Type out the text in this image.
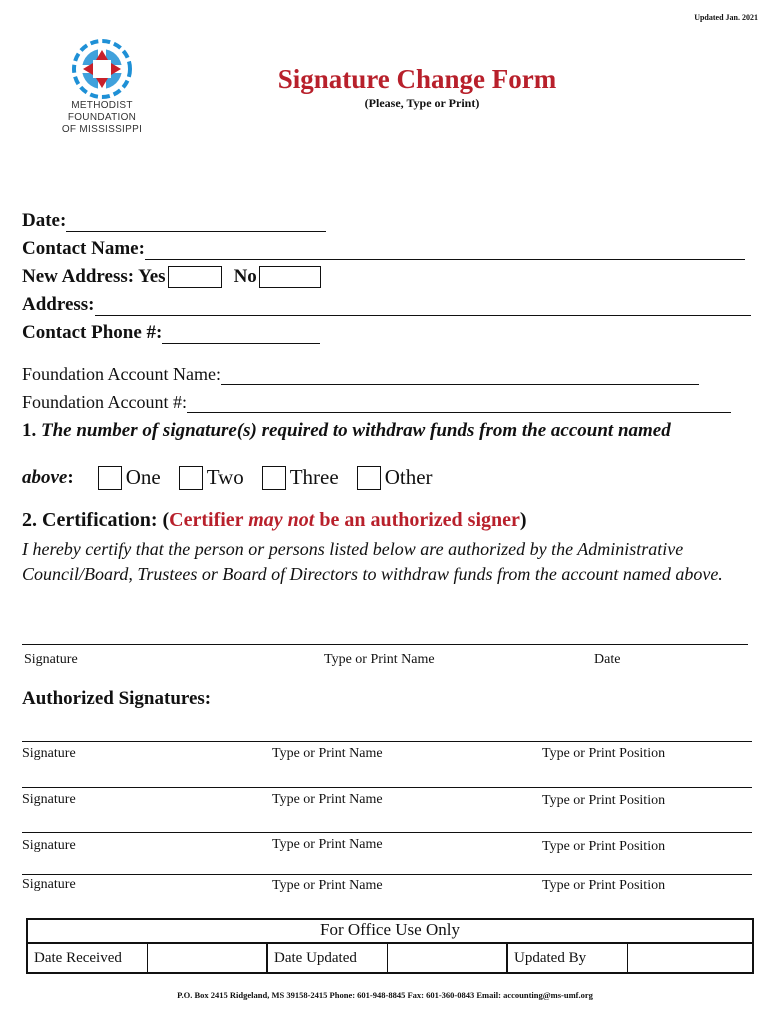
Updated Jan. 2021
METHODIST FOUNDATION
OF MISSISSIPPI
Signature Change Form
(Please, Type or Print)
Date:
Contact Name:
New Address: Yes	No
Address:
Contact Phone #:
Foundation Account Name:
Foundation Account #:
1. The number of signature(s) required to withdraw funds from the account named
above: One Two Three Other
2. Certification: (Certifier may not be an authorized signer)
I hereby certify that the person or persons listed below are authorized by the Administrative Council/Board, Trustees or Board of Directors to withdraw funds from the account named above.
Signature	Type or Print Name	Date
Authorized Signatures:
Signature	Type or Print Name	Type or Print Position
Signature	Type or Print Name	Type or Print Position
Signature	Type or Print Name	Type or Print Position
Signature	Type or Print Name	Type or Print Position
For Office Use Only
Date Received	Date Updated	Updated By
P.O. Box 2415 Ridgeland, MS 39158-2415 Phone: 601-948-8845 Fax: 601-360-0843 Email: accounting@ms-umf.org
